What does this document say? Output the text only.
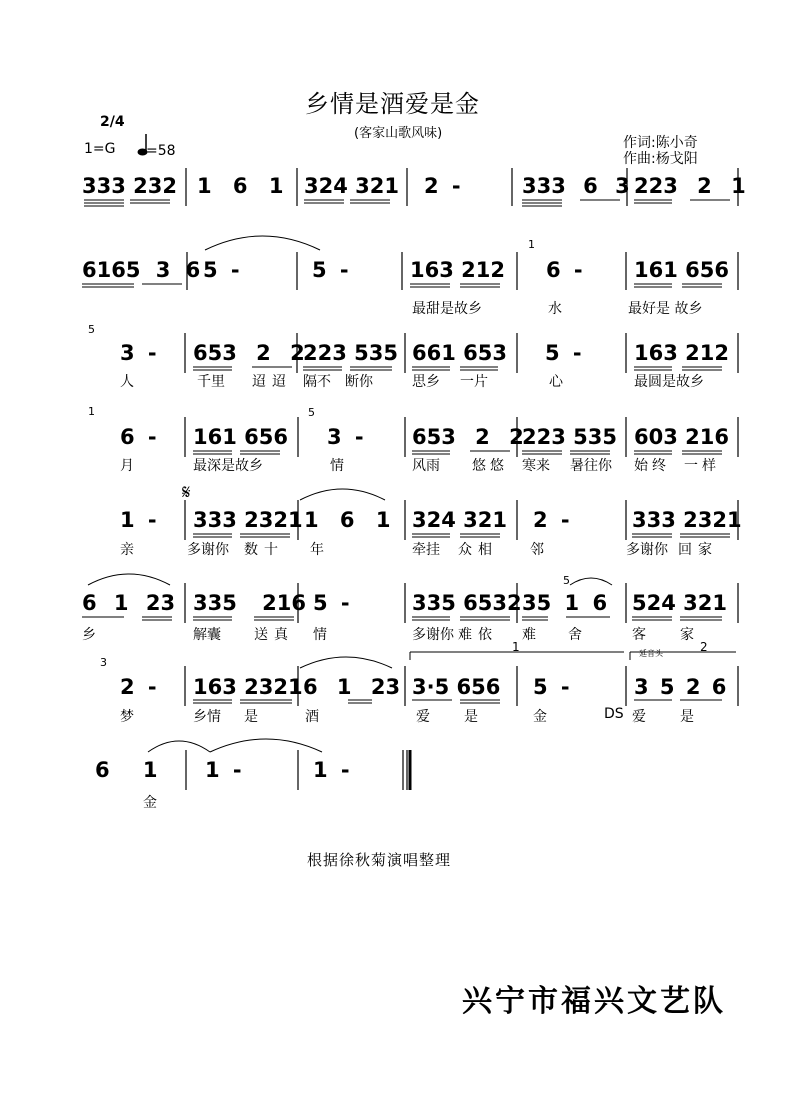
乡情是酒爱是金
(客家山歌风味)
2/4
1=G =58	作词:陈小奇
作曲:杨戈阳
333 232 1 6 1 324 321 2 -	333 6 3 223 2 1
6165 3 6 5 -	5 -	163 212 6 - 161 656
最甜是故乡	水	最好是 故乡
3 - 653 2 2
223 535 661 653 5 - 163 212
人	千里 迢迢 隔不 断你	思乡 一片	心	最圆是故乡
6 - 161 656 3 - 653 2 2
223 535 603 216
月	最深是故乡	情	风雨 悠悠 寒来 暑往你 始终 一样
1 - 333 2321 1 6 1 324 321 2 -	333 2321
亲	多谢你 数十 年	牵挂 众相 邻	多谢你 回家
6 1 23 335 216 5 -	335 6532 35 1 6 524 321
乡	解囊 送真 情	多谢你 难依 难 舍	客 家
2 - 163 2321 6 1 23 3·5 656 5 -	3 5 2 6
梦	乡情 是	酒	爱 是	金	DS 爱 是
6 1 1 -	1 -
金
5
1
5
1
5
3
1	2
延音头
𝄋
根据徐秋菊演唱整理
兴宁市福兴文艺队
